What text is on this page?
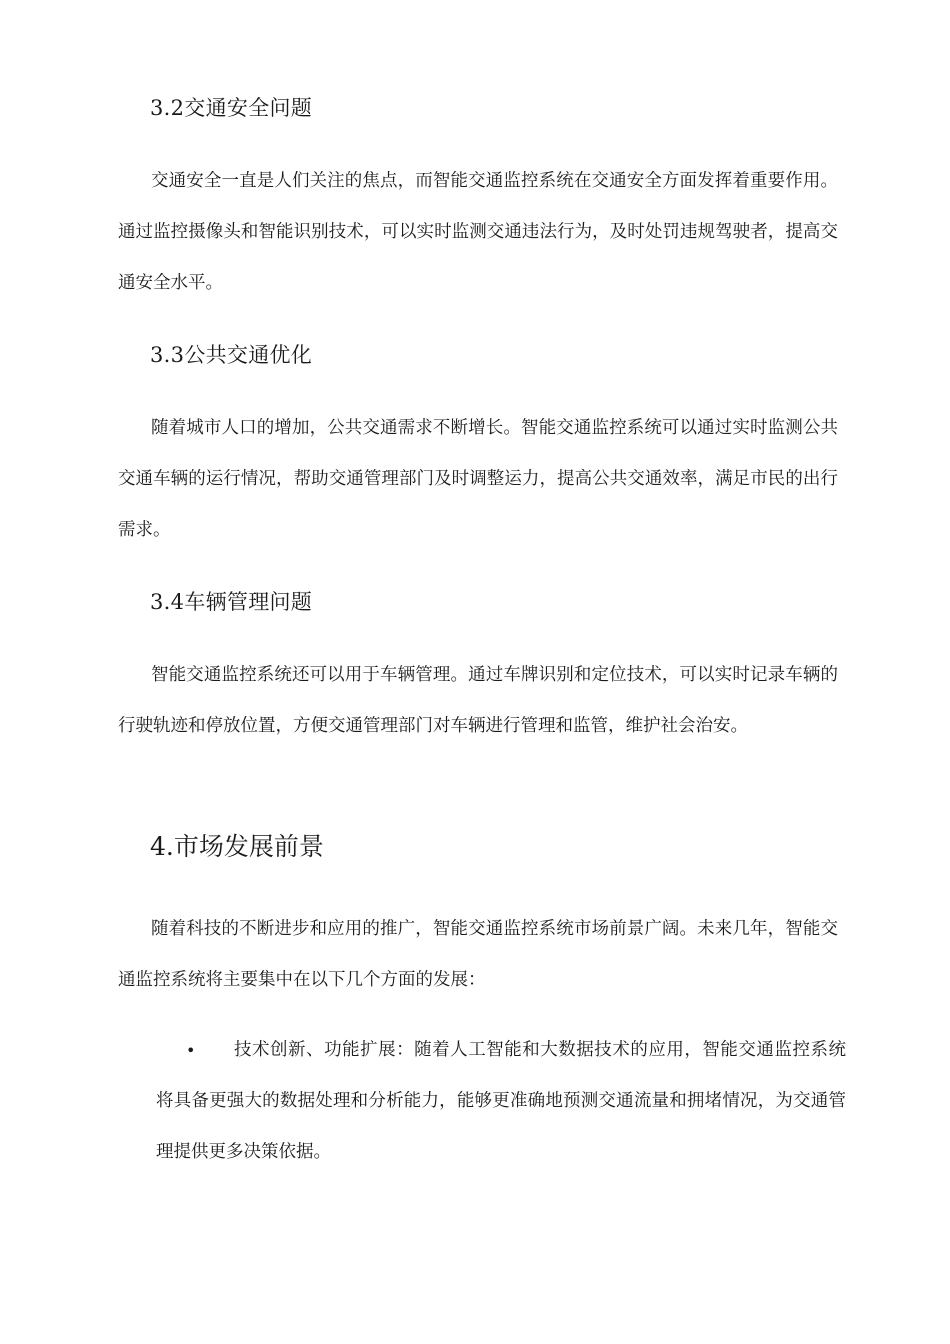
3.2交通安全问题

交通安全一直是人们关注的焦点，而智能交通监控系统在交通安全方面发挥着重要作用。通过监控摄像头和智能识别技术，可以实时监测交通违法行为，及时处罚违规驾驶者，提高交通安全水平。

3.3公共交通优化

随着城市人口的增加，公共交通需求不断增长。智能交通监控系统可以通过实时监测公共交通车辆的运行情况，帮助交通管理部门及时调整运力，提高公共交通效率，满足市民的出行需求。

3.4车辆管理问题

智能交通监控系统还可以用于车辆管理。通过车牌识别和定位技术，可以实时记录车辆的行驶轨迹和停放位置，方便交通管理部门对车辆进行管理和监管，维护社会治安。

4.市场发展前景

随着科技的不断进步和应用的推广，智能交通监控系统市场前景广阔。未来几年，智能交通监控系统将主要集中在以下几个方面的发展：

•	技术创新、功能扩展：随着人工智能和大数据技术的应用，智能交通监控系统将具备更强大的数据处理和分析能力，能够更准确地预测交通流量和拥堵情况，为交通管理提供更多决策依据。
